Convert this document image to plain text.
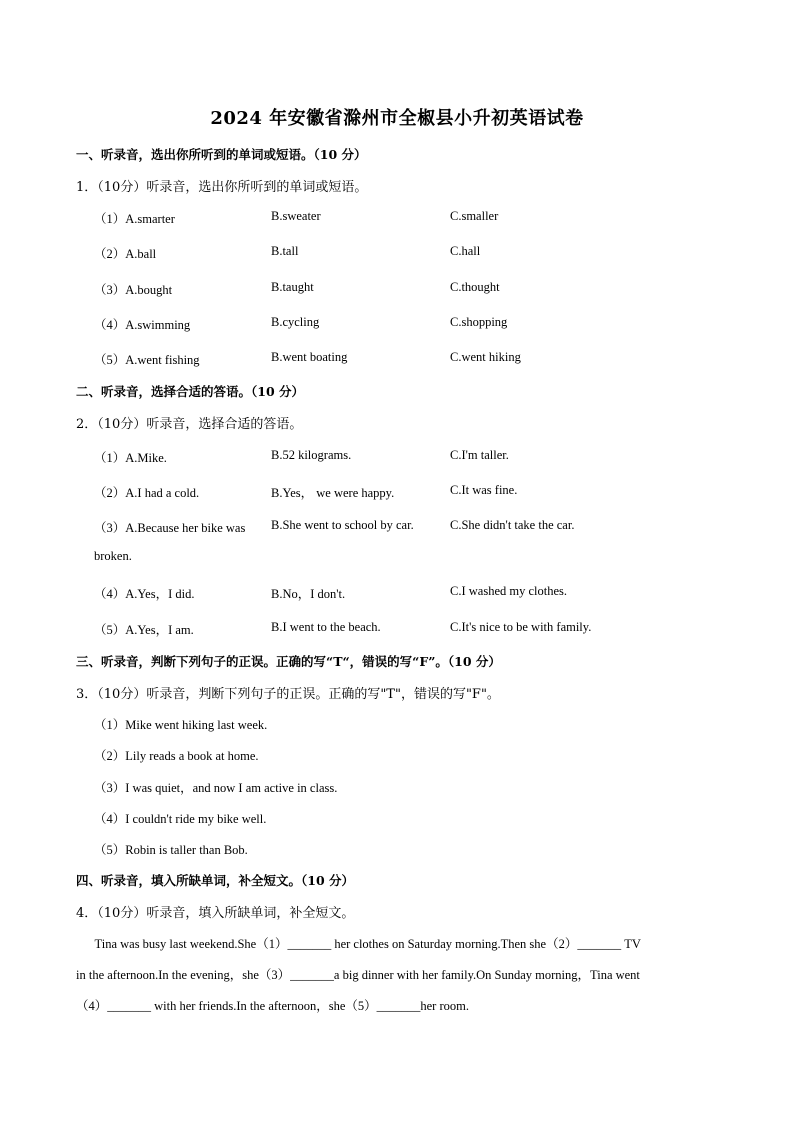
2024 年安徽省滁州市全椒县小升初英语试卷
一、听录音，选出你所听到的单词或短语。（10 分）
1．（10分）听录音，选出你所听到的单词或短语。
（1）A.smarter	B.sweater	C.smaller
（2）A.ball	B.tall	C.hall
（3）A.bought	B.taught	C.thought
（4）A.swimming	B.cycling	C.shopping
（5）A.went fishing	B.went boating	C.went hiking
二、听录音，选择合适的答语。（10 分）
2．（10分）听录音，选择合适的答语。
（1）A.Mike.	B.52 kilograms.	C.I'm taller.
（2）A.I had a cold.	B.Yes， we were happy.	C.It was fine.
（3）A.Because her bike was B.She went to school by car.	C.She didn't take the car.
broken.
（4）A.Yes，I did.	B.No，I don't.	C.I washed my clothes.
（5）A.Yes，I am.	B.I went to the beach.	C.It's nice to be with family.
三、听录音，判断下列句子的正误。正确的写“T“，错误的写“F”。（10 分）
3．（10分）听录音，判断下列句子的正误。正确的写"T"，错误的写"F"。
（1）Mike went hiking last week.
（2）Lily reads a book at home.
（3）I was quiet，and now I am active in class.
（4）I couldn't ride my bike well.
（5）Robin is taller than Bob.
四、听录音，填入所缺单词，补全短文。（10 分）
4．（10分）听录音，填入所缺单词，补全短文。
Tina was busy last weekend.She（1）_______ her clothes on Saturday morning.Then she（2）_______ TV
in the afternoon.In the evening，she（3）_______a big dinner with her family.On Sunday morning，Tina went
（4）_______ with her friends.In the afternoon，she（5）_______her room.
